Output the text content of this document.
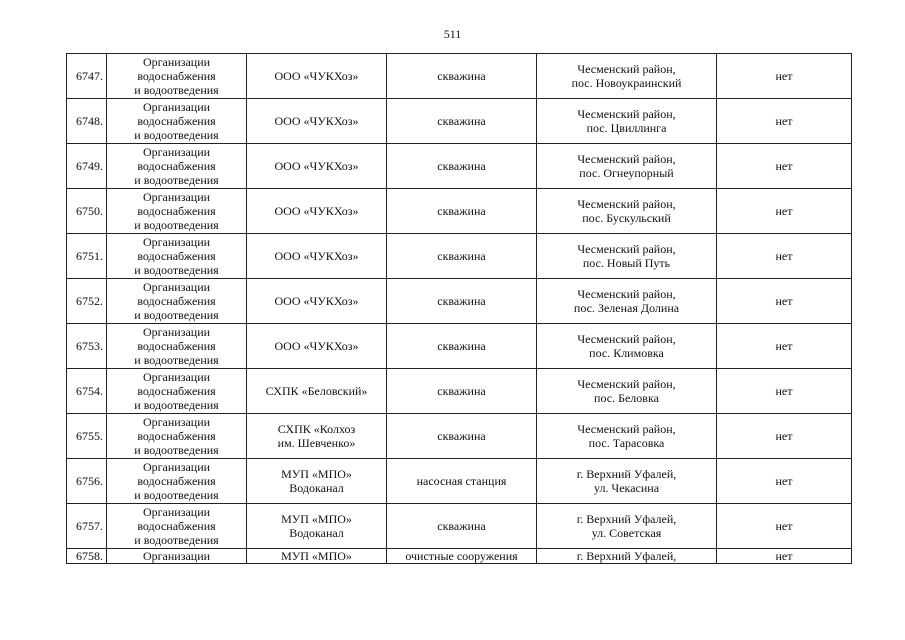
511
6747.	Организации
водоснабжения
и водоотведения	ООО «ЧУКХоз»	скважина	Чесменский район,
пос. Новоукраинский	нет
6748.	Организации
водоснабжения
и водоотведения	ООО «ЧУКХоз»	скважина	Чесменский район,
пос. Цвиллинга	нет
6749.	Организации
водоснабжения
и водоотведения	ООО «ЧУКХоз»	скважина	Чесменский район,
пос. Огнеупорный	нет
6750.	Организации
водоснабжения
и водоотведения	ООО «ЧУКХоз»	скважина	Чесменский район,
пос. Бускульский	нет
6751.	Организации
водоснабжения
и водоотведения	ООО «ЧУКХоз»	скважина	Чесменский район,
пос. Новый Путь	нет
6752.	Организации
водоснабжения
и водоотведения	ООО «ЧУКХоз»	скважина	Чесменский район,
пос. Зеленая Долина	нет
6753.	Организации
водоснабжения
и водоотведения	ООО «ЧУКХоз»	скважина	Чесменский район,
пос. Климовка	нет
6754.	Организации
водоснабжения
и водоотведения	СХПК «Беловский»	скважина	Чесменский район,
пос. Беловка	нет
6755.	Организации
водоснабжения
и водоотведения	СХПК «Колхоз
им. Шевченко»	скважина	Чесменский район,
пос. Тарасовка	нет
6756.	Организации
водоснабжения
и водоотведения	МУП «МПО»
Водоканал	насосная станция	г. Верхний Уфалей,
ул. Чекасина	нет
6757.	Организации
водоснабжения
и водоотведения	МУП «МПО»
Водоканал	скважина	г. Верхний Уфалей,
ул. Советская	нет
6758.	Организации	МУП «МПО»	очистные сооружения	г. Верхний Уфалей,	нет
